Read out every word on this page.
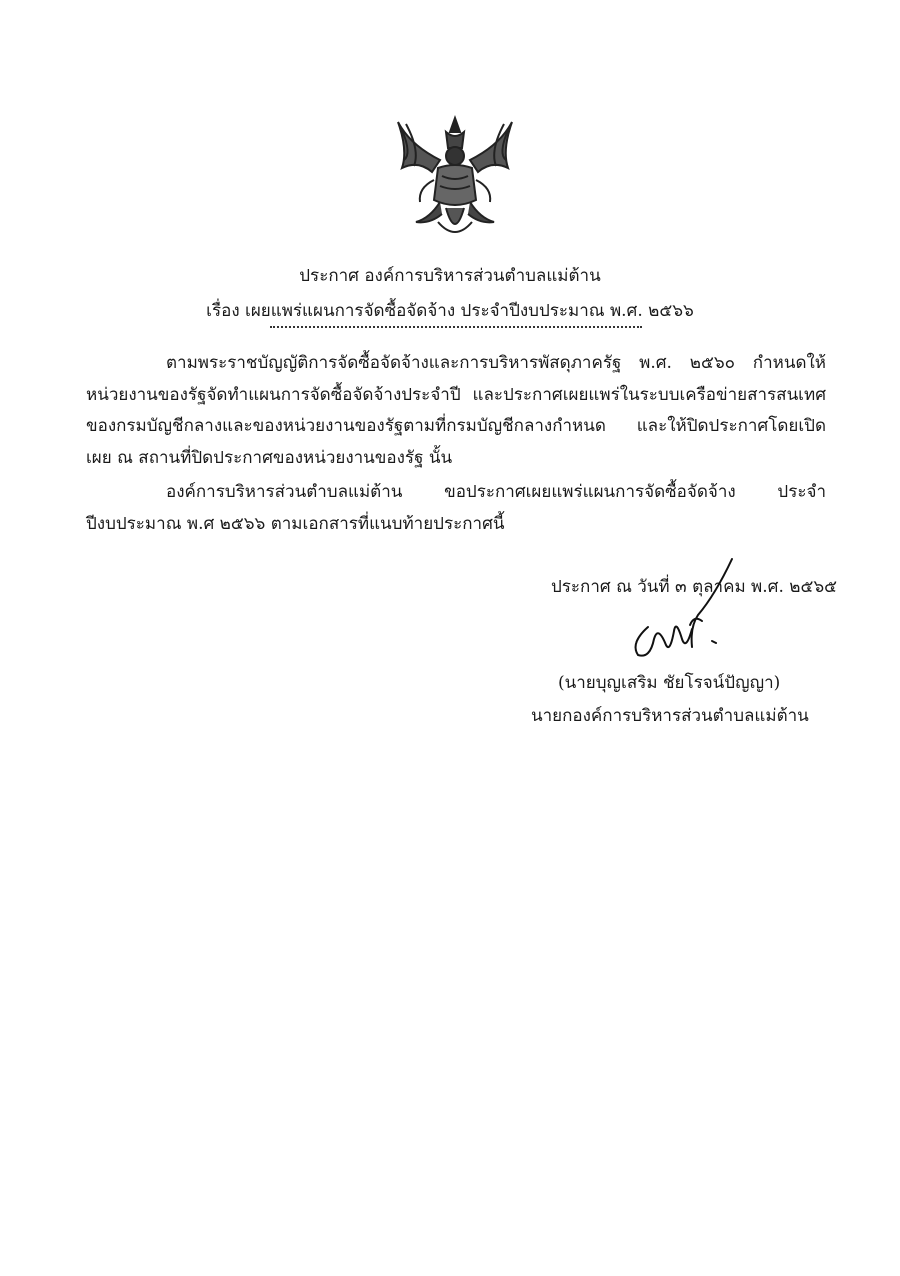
ประกาศ องค์การบริหารส่วนตำบลแม่ต้าน
เรื่อง เผยแพร่แผนการจัดซื้อจัดจ้าง ประจำปีงบประมาณ พ.ศ. ๒๕๖๖

ตามพระราชบัญญัติการจัดซื้อจัดจ้างและการบริหารพัสดุภาครัฐ พ.ศ. ๒๕๖๐ กำหนดให้หน่วยงานของรัฐจัดทำแผนการจัดซื้อจัดจ้างประจำปี และประกาศเผยแพร่ในระบบเครือข่ายสารสนเทศของกรมบัญชีกลางและของหน่วยงานของรัฐตามที่กรมบัญชีกลางกำหนด และให้ปิดประกาศโดยเปิดเผย ณ สถานที่ปิดประกาศของหน่วยงานของรัฐ นั้น

องค์การบริหารส่วนตำบลแม่ต้าน ขอประกาศเผยแพร่แผนการจัดซื้อจัดจ้าง ประจำปีงบประมาณ พ.ศ ๒๕๖๖ ตามเอกสารที่แนบท้ายประกาศนี้

ประกาศ ณ วันที่ ๓ ตุลาคม พ.ศ. ๒๕๖๕
(นายบุญเสริม ชัยโรจน์ปัญญา)
นายกองค์การบริหารส่วนตำบลแม่ต้าน
